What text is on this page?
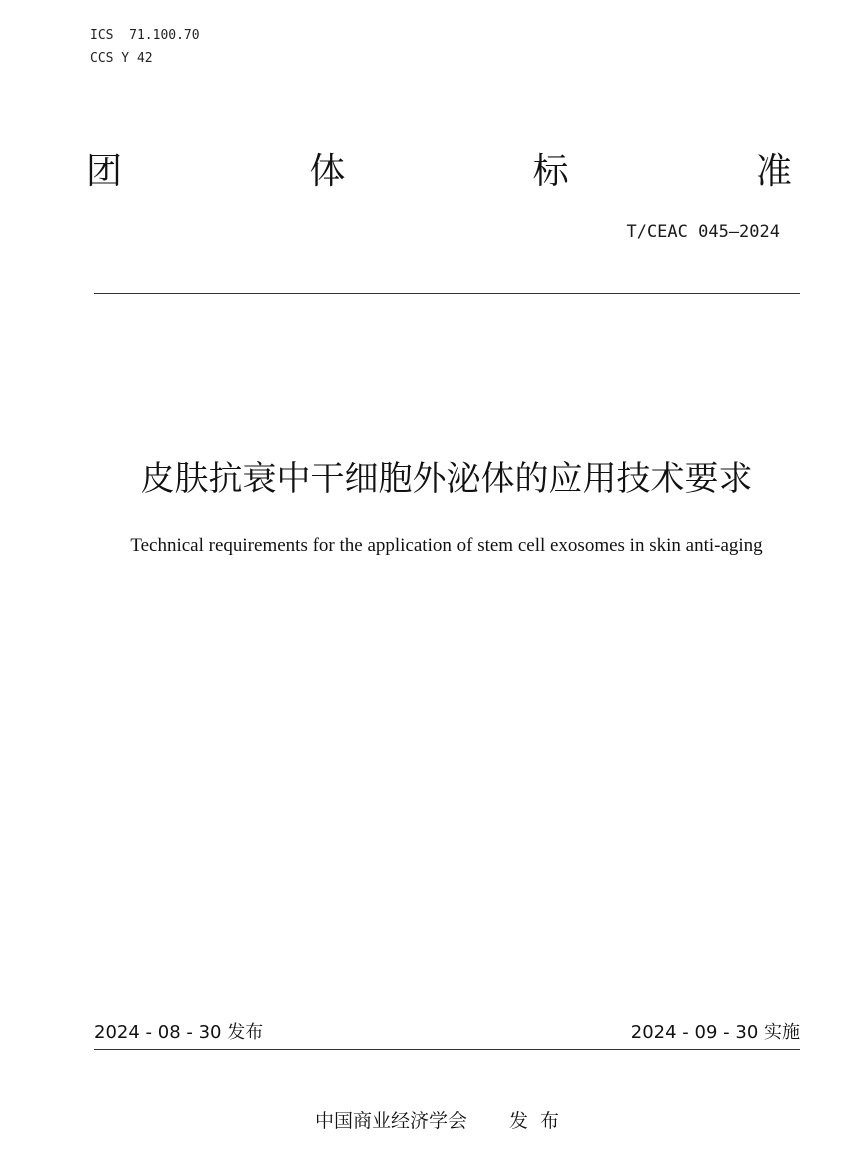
ICS  71.100.70
CCS Y 42
团	体	标	准
T/CEAC 045—2024
皮肤抗衰中干细胞外泌体的应用技术要求
Technical requirements for the application of stem cell exosomes in skin anti-aging
2024 - 08 - 30 发布	2024 - 09 - 30 实施
中国商业经济学会 发 布
